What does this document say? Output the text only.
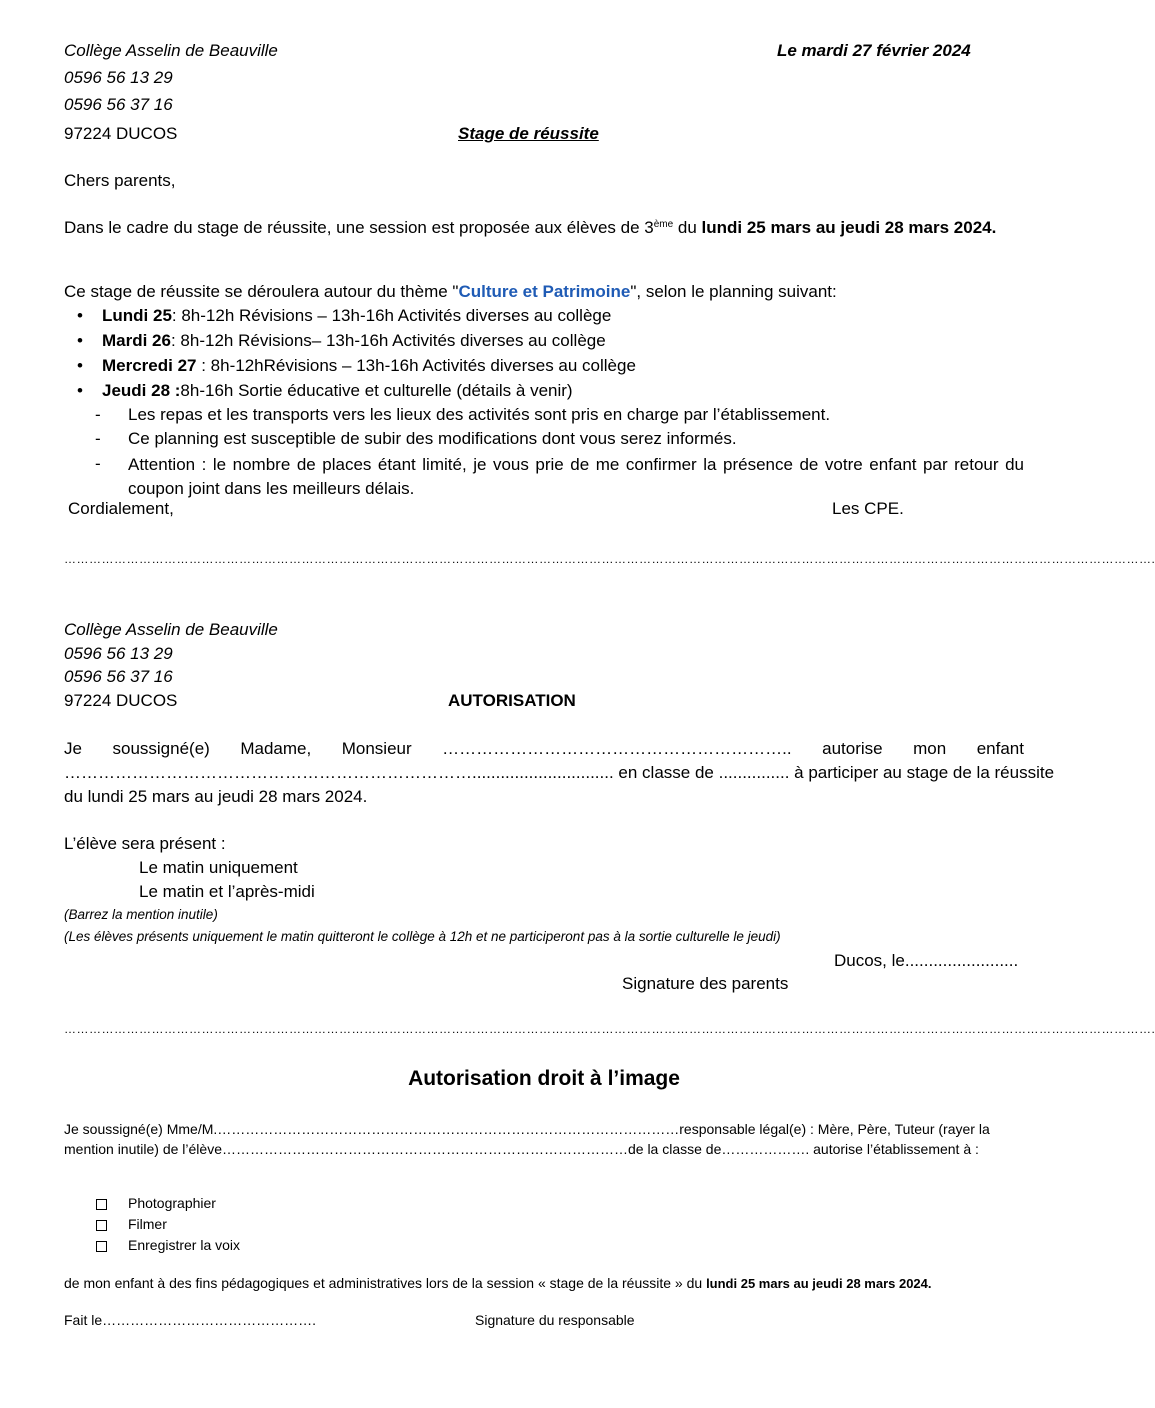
Collège Asselin de Beauville	Le mardi 27 février 2024
0596 56 13 29
0596 56 37 16
97224 DUCOS	Stage de réussite
Chers parents,
Dans le cadre du stage de réussite, une session est proposée aux élèves de 3ème du lundi 25 mars au jeudi 28 mars 2024.
Ce stage de réussite se déroulera autour du thème "Culture et Patrimoine", selon le planning suivant:
• Lundi 25: 8h-12h Révisions – 13h-16h Activités diverses au collège
• Mardi 26: 8h-12h Révisions– 13h-16h Activités diverses au collège
• Mercredi 27 : 8h-12hRévisions – 13h-16h Activités diverses au collège
• Jeudi 28 :8h-16h Sortie éducative et culturelle (détails à venir)
- Les repas et les transports vers les lieux des activités sont pris en charge par l’établissement.
- Ce planning est susceptible de subir des modifications dont vous serez informés.
- Attention : le nombre de places étant limité, je vous prie de me confirmer la présence de votre enfant par retour du coupon joint dans les meilleurs délais.
Cordialement,	Les CPE.
……………………………………………………………………………………………………………………………………………………………………………………………………………………………………….
Collège Asselin de Beauville
0596 56 13 29
0596 56 37 16
97224 DUCOS	AUTORISATION
Je soussigné(e) Madame, Monsieur …………………………………………………….. autorise mon enfant
……………………………………………………………….............................. en classe de ............... à participer au stage de la réussite
du lundi 25 mars au jeudi 28 mars 2024.
L’élève sera présent :
Le matin uniquement
Le matin et l’après-midi
(Barrez la mention inutile)
(Les élèves présents uniquement le matin quitteront le collège à 12h et ne participeront pas à la sortie culturelle le jeudi)
Ducos, le........................
Signature des parents
……………………………………………………………………………………………………………………………………………………………………………………………………………………………………….
Autorisation droit à l’image
Je soussigné(e) Mme/M.………………………………………………………………………………………responsable légal(e) : Mère, Père, Tuteur (rayer la mention inutile) de l’élève……………………………………………………………………………de la classe de………………. autorise l’établissement à :
Photographier
Filmer
Enregistrer la voix
de mon enfant à des fins pédagogiques et administratives lors de la session « stage de la réussite » du lundi 25 mars au jeudi 28 mars 2024.
Fait le……………………………………….	Signature du responsable
